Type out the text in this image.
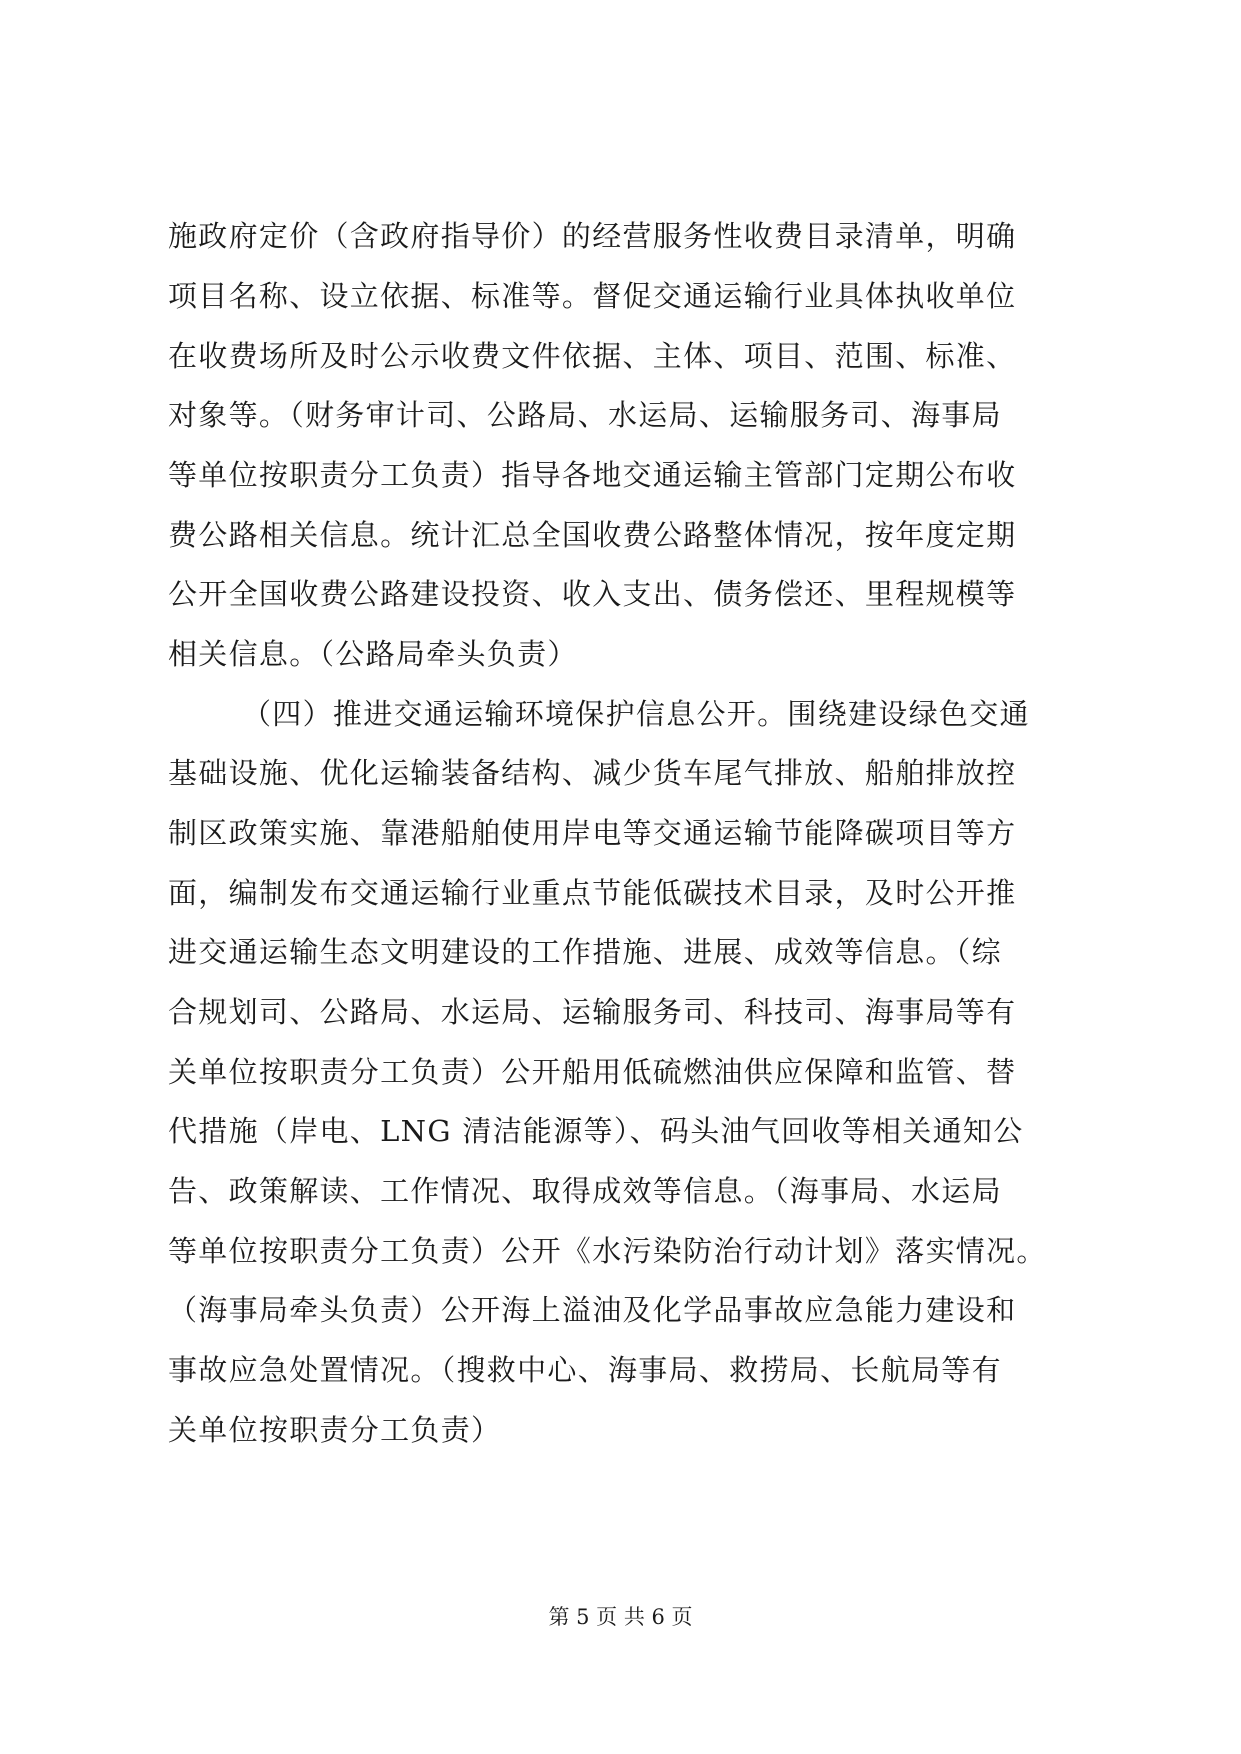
施政府定价（含政府指导价）的经营服务性收费目录清单，明确
项目名称、设立依据、标准等。督促交通运输行业具体执收单位
在收费场所及时公示收费文件依据、主体、项目、范围、标准、
对象等。（财务审计司、公路局、水运局、运输服务司、海事局
等单位按职责分工负责）指导各地交通运输主管部门定期公布收
费公路相关信息。统计汇总全国收费公路整体情况，按年度定期
公开全国收费公路建设投资、收入支出、债务偿还、里程规模等
相关信息。（公路局牵头负责）
（四）推进交通运输环境保护信息公开。围绕建设绿色交通
基础设施、优化运输装备结构、减少货车尾气排放、船舶排放控
制区政策实施、靠港船舶使用岸电等交通运输节能降碳项目等方
面，编制发布交通运输行业重点节能低碳技术目录，及时公开推
进交通运输生态文明建设的工作措施、进展、成效等信息。（综
合规划司、公路局、水运局、运输服务司、科技司、海事局等有
关单位按职责分工负责）公开船用低硫燃油供应保障和监管、替
代措施（岸电、LNG 清洁能源等）、码头油气回收等相关通知公
告、政策解读、工作情况、取得成效等信息。（海事局、水运局
等单位按职责分工负责）公开《水污染防治行动计划》落实情况。
（海事局牵头负责）公开海上溢油及化学品事故应急能力建设和
事故应急处置情况。（搜救中心、海事局、救捞局、长航局等有
关单位按职责分工负责）
第 5 页 共 6 页
